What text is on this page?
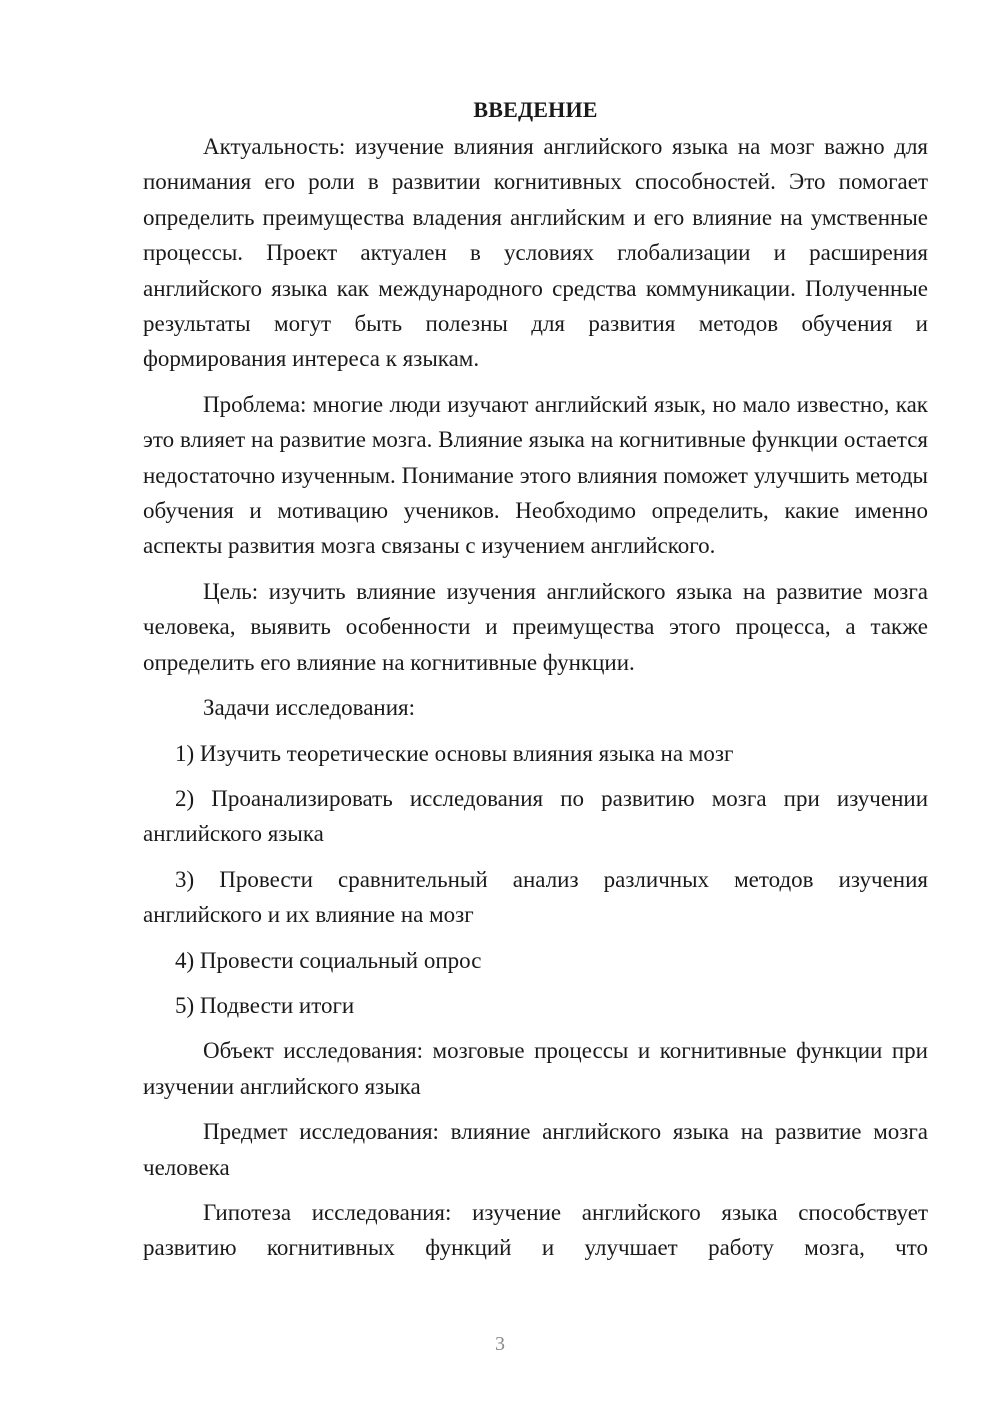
ВВЕДЕНИЕ

Актуальность: изучение влияния английского языка на мозг важно для понимания его роли в развитии когнитивных способностей. Это помогает определить преимущества владения английским и его влияние на умственные процессы. Проект актуален в условиях глобализации и расширения английского языка как международного средства коммуникации. Полученные результаты могут быть полезны для развития методов обучения и формирования интереса к языкам.

Проблема: многие люди изучают английский язык, но мало известно, как это влияет на развитие мозга. Влияние языка на когнитивные функции остается недостаточно изученным. Понимание этого влияния поможет улучшить методы обучения и мотивацию учеников. Необходимо определить, какие именно аспекты развития мозга связаны с изучением английского.

Цель: изучить влияние изучения английского языка на развитие мозга человека, выявить особенности и преимущества этого процесса, а также определить его влияние на когнитивные функции.

Задачи исследования:

1) Изучить теоретические основы влияния языка на мозг

2) Проанализировать исследования по развитию мозга при изучении английского языка

3) Провести сравнительный анализ различных методов изучения английского и их влияние на мозг

4) Провести социальный опрос

5) Подвести итоги

Объект исследования: мозговые процессы и когнитивные функции при изучении английского языка

Предмет исследования: влияние английского языка на развитие мозга человека

Гипотеза исследования: изучение английского языка способствует развитию когнитивных функций и улучшает работу мозга, что

3
